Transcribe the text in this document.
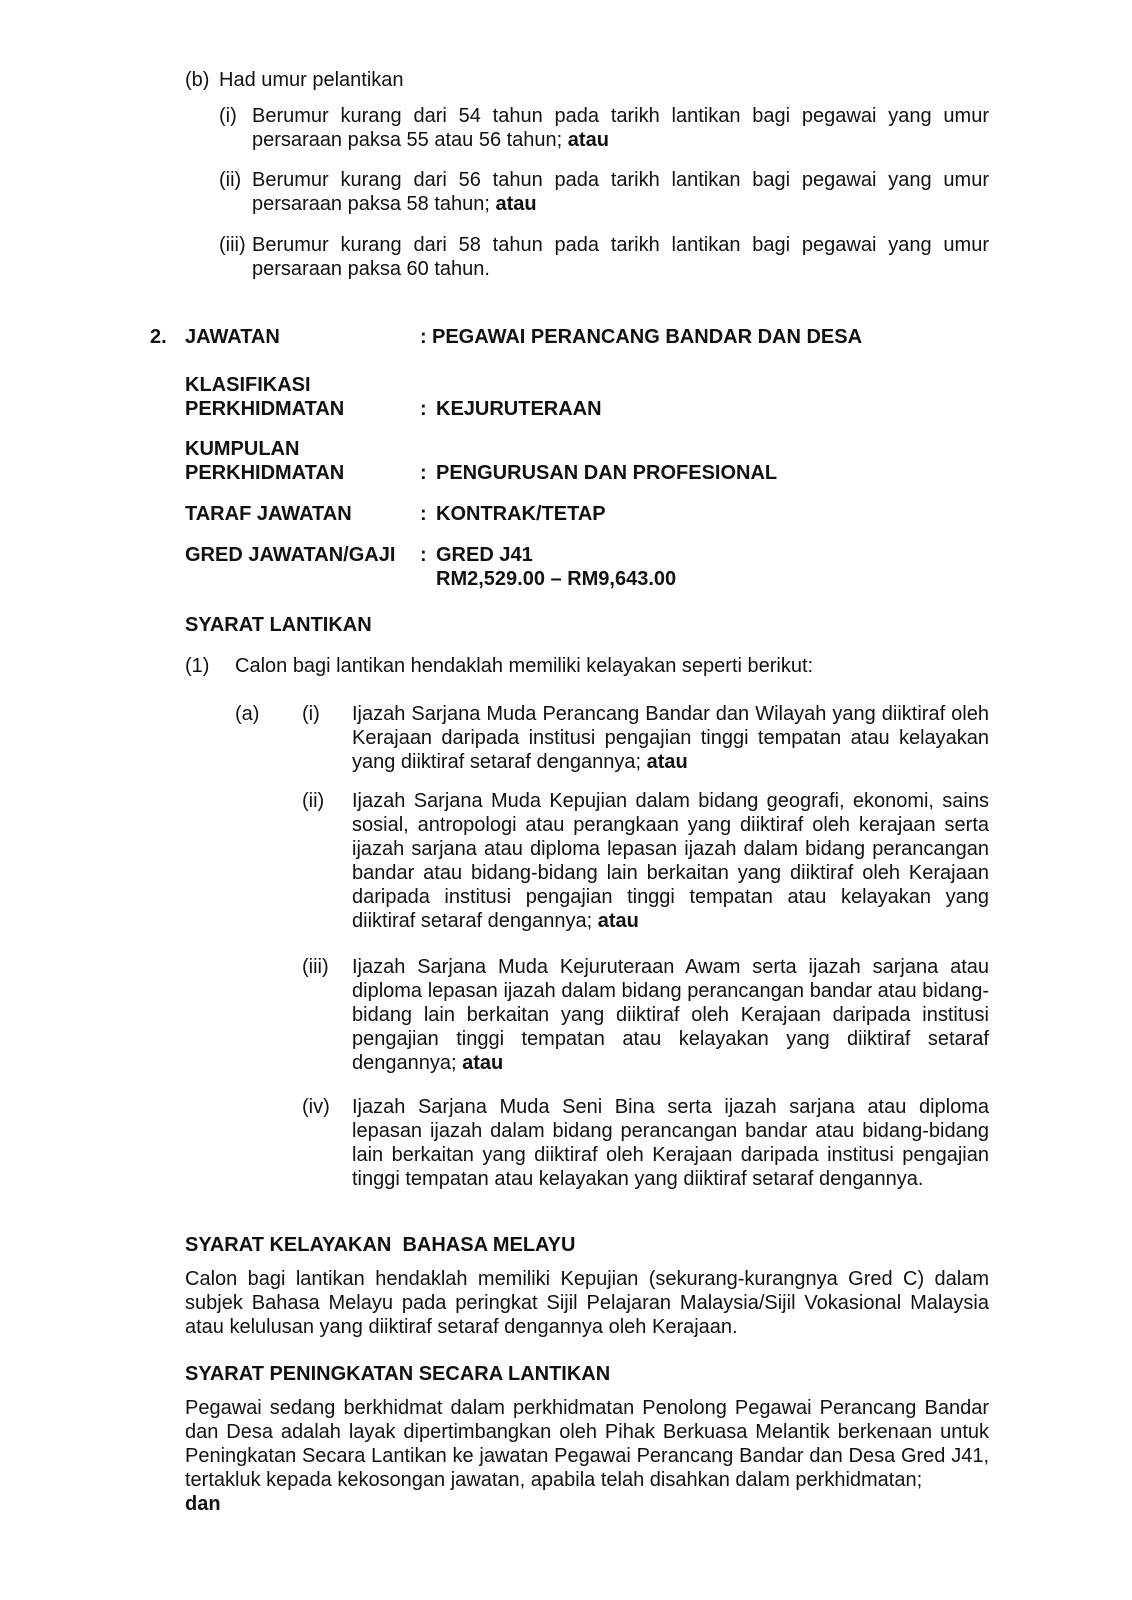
(b) Had umur pelantikan
(i) Berumur kurang dari 54 tahun pada tarikh lantikan bagi pegawai yang umur persaraan paksa 55 atau 56 tahun; atau
(ii) Berumur kurang dari 56 tahun pada tarikh lantikan bagi pegawai yang umur persaraan paksa 58 tahun; atau
(iii) Berumur kurang dari 58 tahun pada tarikh lantikan bagi pegawai yang umur persaraan paksa 60 tahun.
2. JAWATAN	: PEGAWAI PERANCANG BANDAR DAN DESA
KLASIFIKASI
PERKHIDMATAN	: KEJURUTERAAN
KUMPULAN
PERKHIDMATAN	: PENGURUSAN DAN PROFESIONAL
TARAF JAWATAN	: KONTRAK/TETAP
GRED JAWATAN/GAJI : GRED J41
RM2,529.00 – RM9,643.00
SYARAT LANTIKAN
(1) Calon bagi lantikan hendaklah memiliki kelayakan seperti berikut:
(a) (i) Ijazah Sarjana Muda Perancang Bandar dan Wilayah yang diiktiraf oleh Kerajaan daripada institusi pengajian tinggi tempatan atau kelayakan yang diiktiraf setaraf dengannya; atau
(ii) Ijazah Sarjana Muda Kepujian dalam bidang geografi, ekonomi, sains sosial, antropologi atau perangkaan yang diiktiraf oleh kerajaan serta ijazah sarjana atau diploma lepasan ijazah dalam bidang perancangan bandar atau bidang-bidang lain berkaitan yang diiktiraf oleh Kerajaan daripada institusi pengajian tinggi tempatan atau kelayakan yang diiktiraf setaraf dengannya; atau
(iii) Ijazah Sarjana Muda Kejuruteraan Awam serta ijazah sarjana atau diploma lepasan ijazah dalam bidang perancangan bandar atau bidang-bidang lain berkaitan yang diiktiraf oleh Kerajaan daripada institusi pengajian tinggi tempatan atau kelayakan yang diiktiraf setaraf dengannya; atau
(iv) Ijazah Sarjana Muda Seni Bina serta ijazah sarjana atau diploma lepasan ijazah dalam bidang perancangan bandar atau bidang-bidang lain berkaitan yang diiktiraf oleh Kerajaan daripada institusi pengajian tinggi tempatan atau kelayakan yang diiktiraf setaraf dengannya.
SYARAT KELAYAKAN  BAHASA MELAYU
Calon bagi lantikan hendaklah memiliki Kepujian (sekurang-kurangnya Gred C) dalam subjek Bahasa Melayu pada peringkat Sijil Pelajaran Malaysia/Sijil Vokasional Malaysia atau kelulusan yang diiktiraf setaraf dengannya oleh Kerajaan.
SYARAT PENINGKATAN SECARA LANTIKAN
Pegawai sedang berkhidmat dalam perkhidmatan Penolong Pegawai Perancang Bandar dan Desa adalah layak dipertimbangkan oleh Pihak Berkuasa Melantik berkenaan untuk Peningkatan Secara Lantikan ke jawatan Pegawai Perancang Bandar dan Desa Gred J41, tertakluk kepada kekosongan jawatan, apabila telah disahkan dalam perkhidmatan;
dan
